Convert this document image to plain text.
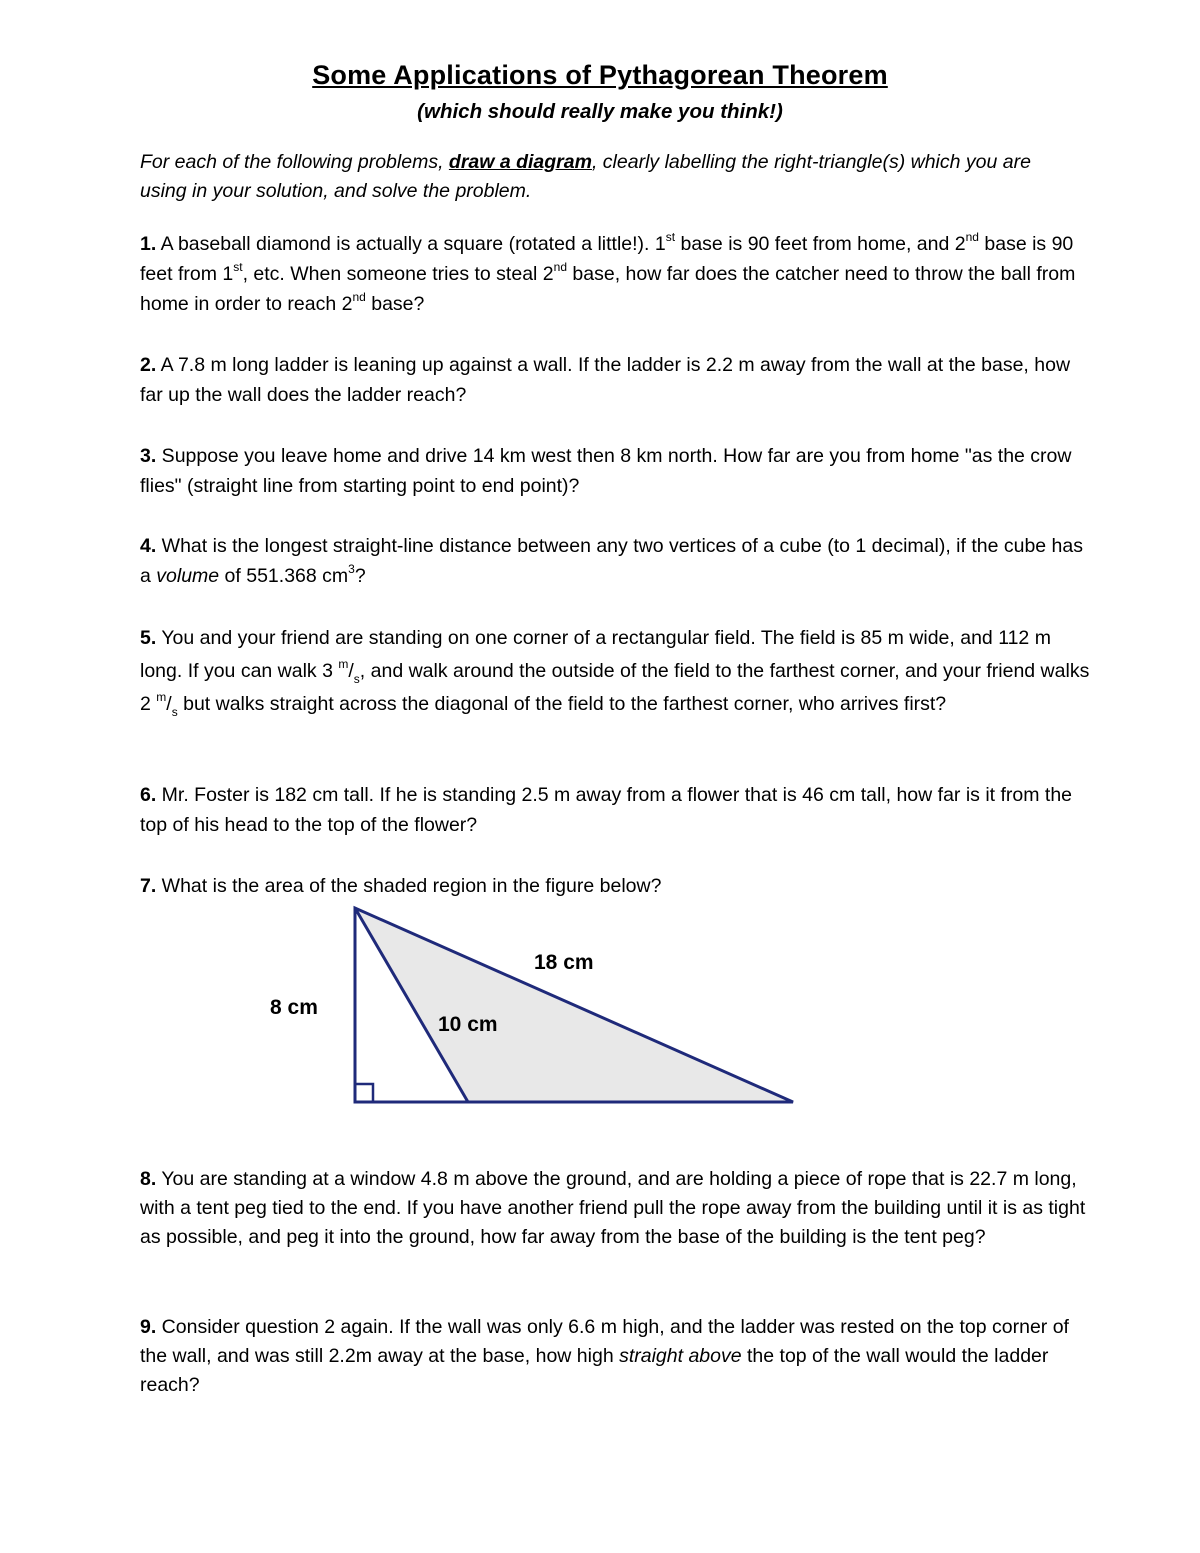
Some Applications of Pythagorean Theorem
(which should really make you think!)
For each of the following problems, draw a diagram, clearly labelling the right-triangle(s) which you are using in your solution, and solve the problem.
1. A baseball diamond is actually a square (rotated a little!). 1st base is 90 feet from home, and 2nd base is 90 feet from 1st, etc. When someone tries to steal 2nd base, how far does the catcher need to throw the ball from home in order to reach 2nd base?
2. A 7.8 m long ladder is leaning up against a wall. If the ladder is 2.2 m away from the wall at the base, how far up the wall does the ladder reach?
3. Suppose you leave home and drive 14 km west then 8 km north. How far are you from home "as the crow flies" (straight line from starting point to end point)?
4. What is the longest straight-line distance between any two vertices of a cube (to 1 decimal), if the cube has a volume of 551.368 $cm^3$?
5. You and your friend are standing on one corner of a rectangular field. The field is 85 m wide, and 112 m long. If you can walk 3 $^m/_s$, and walk around the outside of the field to the farthest corner, and your friend walks 2 $^m/_s$ but walks straight across the diagonal of the field to the farthest corner, who arrives first?
6. Mr. Foster is 182 cm tall. If he is standing 2.5 m away from a flower that is 46 cm tall, how far is it from the top of his head to the top of the flower?
7. What is the area of the shaded region in the figure below?
8 cm
18 cm
10 cm
8. You are standing at a window 4.8 m above the ground, and are holding a piece of rope that is 22.7 m long, with a tent peg tied to the end. If you have another friend pull the rope away from the building until it is as tight as possible, and peg it into the ground, how far away from the base of the building is the tent peg?
9. Consider question 2 again. If the wall was only 6.6 m high, and the ladder was rested on the top corner of the wall, and was still 2.2m away at the base, how high straight above the top of the wall would the ladder reach?
